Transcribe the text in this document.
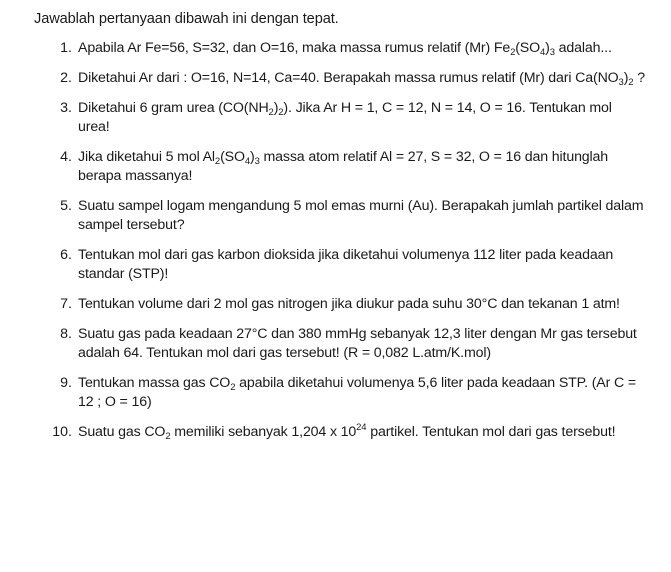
Jawablah pertanyaan dibawah ini dengan tepat.
1. Apabila Ar Fe=56, S=32, dan O=16, maka massa rumus relatif (Mr) $Fe_2(SO_4)_3$ adalah...
2. Diketahui Ar dari : O=16, N=14, Ca=40. Berapakah massa rumus relatif (Mr) dari $Ca(NO_3)_2$ ?
3. Diketahui 6 gram urea $(CO(NH_2)_2)$. Jika Ar H = 1, C = 12, N = 14, O = 16. Tentukan mol urea!
4. Jika diketahui 5 mol $Al_2(SO_4)_3$ massa atom relatif Al = 27, S = 32, O = 16 dan hitunglah berapa massanya!
5. Suatu sampel logam mengandung 5 mol emas murni (Au). Berapakah jumlah partikel dalam sampel tersebut?
6. Tentukan mol dari gas karbon dioksida jika diketahui volumenya 112 liter pada keadaan standar (STP)!
7. Tentukan volume dari 2 mol gas nitrogen jika diukur pada suhu 30°C dan tekanan 1 atm!
8. Suatu gas pada keadaan 27°C dan 380 mmHg sebanyak 12,3 liter dengan Mr gas tersebut adalah 64. Tentukan mol dari gas tersebut! (R = 0,082 L.atm/K.mol)
9. Tentukan massa gas $CO_2$ apabila diketahui volumenya 5,6 liter pada keadaan STP. (Ar C = 12 ; O = 16)
10. Suatu gas $CO_2$ memiliki sebanyak 1,204 x $10^{24}$ partikel. Tentukan mol dari gas tersebut!
